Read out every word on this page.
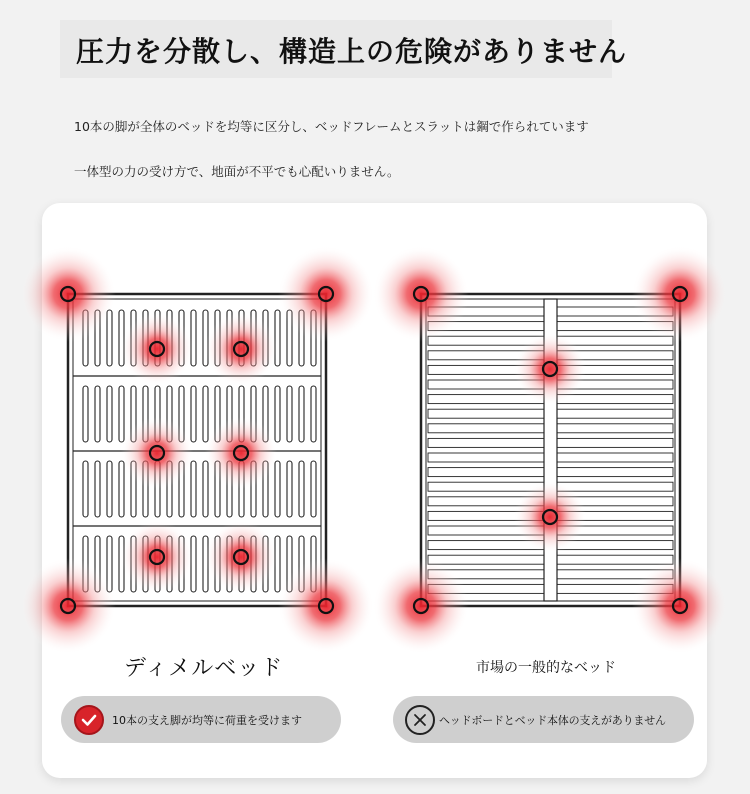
圧力を分散し、構造上の危険がありません
10本の脚が全体のベッドを均等に区分し、ベッドフレームとスラットは鋼で作られています
一体型の力の受け方で、地面が不平でも心配いりません。
ディメルベッド	市場の一般的なベッド
10本の支え脚が均等に荷重を受けます	ヘッドボードとベッド本体の支えがありません
